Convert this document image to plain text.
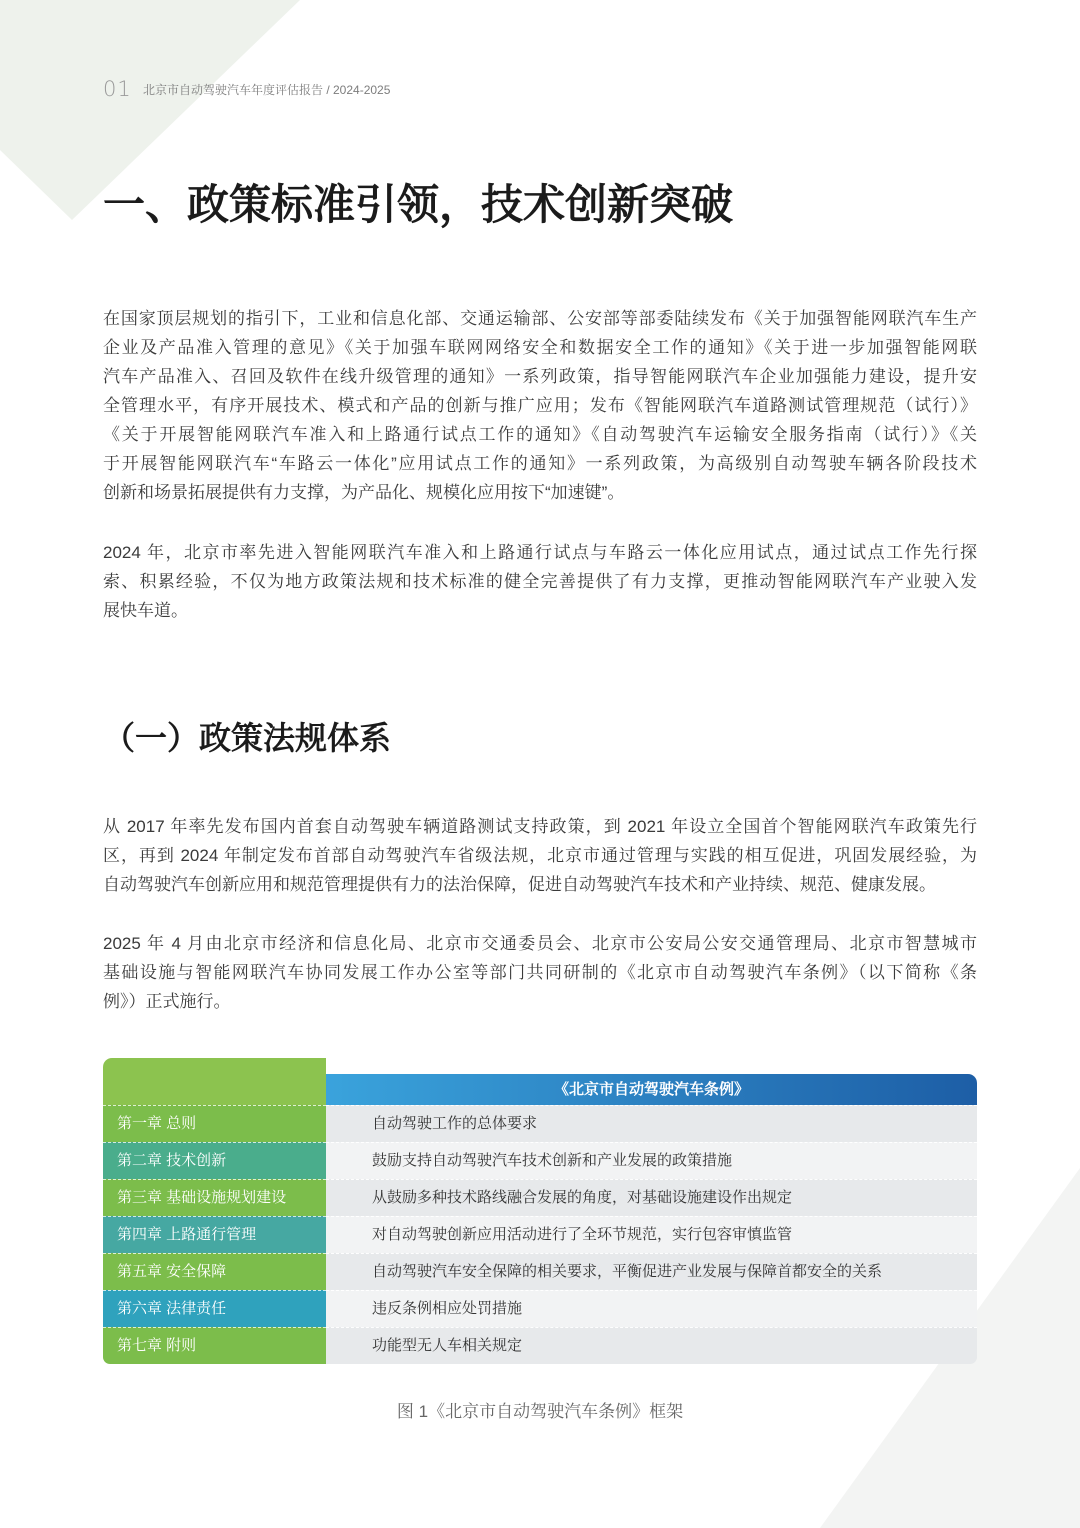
01 北京市自动驾驶汽车年度评估报告 / 2024-2025
一、政策标准引领，技术创新突破
在国家顶层规划的指引下，工业和信息化部、交通运输部、公安部等部委陆续发布《关于加强智能网联汽车生产
企业及产品准入管理的意见》《关于加强车联网网络安全和数据安全工作的通知》《关于进一步加强智能网联
汽车产品准入、召回及软件在线升级管理的通知》一系列政策，指导智能网联汽车企业加强能力建设，提升安
全管理水平，有序开展技术、模式和产品的创新与推广应用；发布《智能网联汽车道路测试管理规范（试行）》
《关于开展智能网联汽车准入和上路通行试点工作的通知》《自动驾驶汽车运输安全服务指南（试行）》《关
于开展智能网联汽车“车路云一体化”应用试点工作的通知》一系列政策，为高级别自动驾驶车辆各阶段技术
创新和场景拓展提供有力支撑，为产品化、规模化应用按下“加速键”。
2024 年，北京市率先进入智能网联汽车准入和上路通行试点与车路云一体化应用试点，通过试点工作先行探
索、积累经验，不仅为地方政策法规和技术标准的健全完善提供了有力支撑，更推动智能网联汽车产业驶入发
展快车道。
（一）政策法规体系
从 2017 年率先发布国内首套自动驾驶车辆道路测试支持政策，到 2021 年设立全国首个智能网联汽车政策先行
区，再到 2024 年制定发布首部自动驾驶汽车省级法规，北京市通过管理与实践的相互促进，巩固发展经验，为
自动驾驶汽车创新应用和规范管理提供有力的法治保障，促进自动驾驶汽车技术和产业持续、规范、健康发展。
2025 年 4 月由北京市经济和信息化局、北京市交通委员会、北京市公安局公安交通管理局、北京市智慧城市
基础设施与智能网联汽车协同发展工作办公室等部门共同研制的《北京市自动驾驶汽车条例》（以下简称《条
例》）正式施行。
《北京市自动驾驶汽车条例》
第一章 总则	自动驾驶工作的总体要求
第二章 技术创新	鼓励支持自动驾驶汽车技术创新和产业发展的政策措施
第三章 基础设施规划建设	从鼓励多种技术路线融合发展的角度，对基础设施建设作出规定
第四章 上路通行管理	对自动驾驶创新应用活动进行了全环节规范，实行包容审慎监管
第五章 安全保障	自动驾驶汽车安全保障的相关要求，平衡促进产业发展与保障首都安全的关系
第六章 法律责任	违反条例相应处罚措施
第七章 附则	功能型无人车相关规定
图 1《北京市自动驾驶汽车条例》框架
